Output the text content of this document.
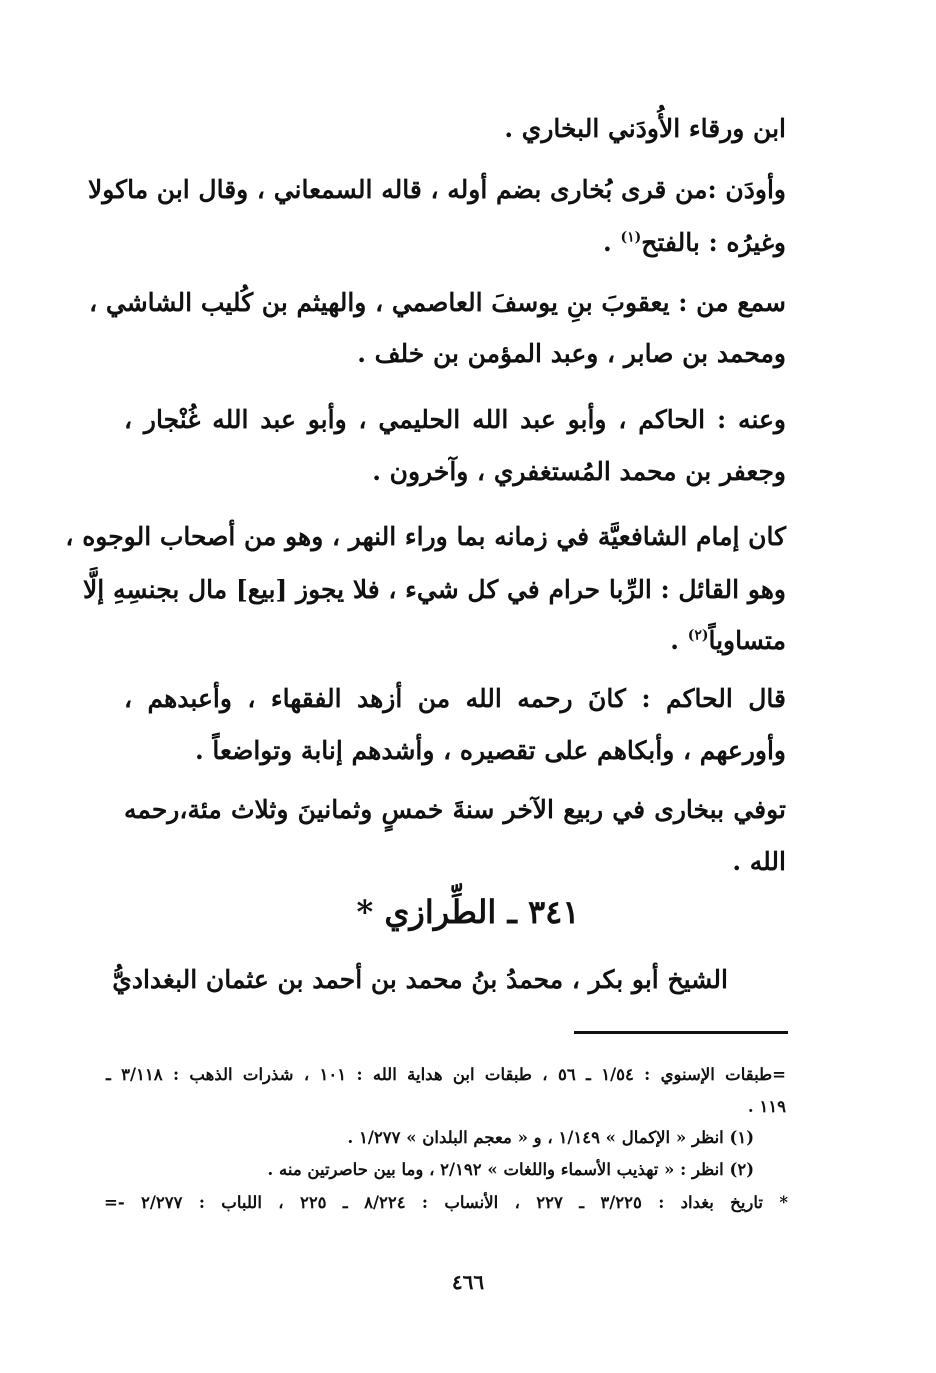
ابن ورقاء الأُودَني البخاري .
وأودَن :من قرى بُخارى بضم أوله ، قاله السمعاني ، وقال ابن ماكولا
وغيرُه : بالفتح$^{(١)}$ .
سمع من : يعقوبَ بنِ يوسفَ العاصمي ، والهيثم بن كُليب الشاشي ،
ومحمد بن صابر ، وعبد المؤمن بن خلف .
وعنه : الحاكم ، وأبو عبد الله الحليمي ، وأبو عبد الله غُنْجار ،
وجعفر بن محمد المُستغفري ، وآخرون .
كان إمام الشافعيَّة في زمانه بما وراء النهر ، وهو من أصحاب الوجوه ،
وهو القائل : الرِّبا حرام في كل شيء ، فلا يجوز [بيع] مال بجنسِهِ إلَّا
متساوياً$^{(٢)}$ .
قال الحاكم : كانَ رحمه الله من أزهد الفقهاء ، وأعبدهم ،
وأورعهم ، وأبكاهم على تقصيره ، وأشدهم إنابة وتواضعاً .
توفي ببخارى في ربيع الآخر سنةَ خمسٍ وثمانينَ وثلاث مئة،رحمه
الله .
٣٤١ ـ الطِّرازي *
الشيخ أبو بكر ، محمدُ بنُ محمد بن أحمد بن عثمان البغداديُّ
=طبقات الإسنوي : ١/٥٤ ـ ٥٦ ، طبقات ابن هداية الله : ١٠١ ، شذرات الذهب : ٣/١١٨ ـ
١١٩ .
(١) انظر « الإكمال » ١/١٤٩ ، و « معجم البلدان » ١/٢٧٧ .
(٢) انظر : « تهذيب الأسماء واللغات » ٢/١٩٢ ، وما بين حاصرتين منه .
* تاريخ بغداد : ٣/٢٢٥ ـ ٢٢٧ ، الأنساب : ٨/٢٢٤ ـ ٢٢٥ ، اللباب : ٢/٢٧٧ -=
٤٦٦
